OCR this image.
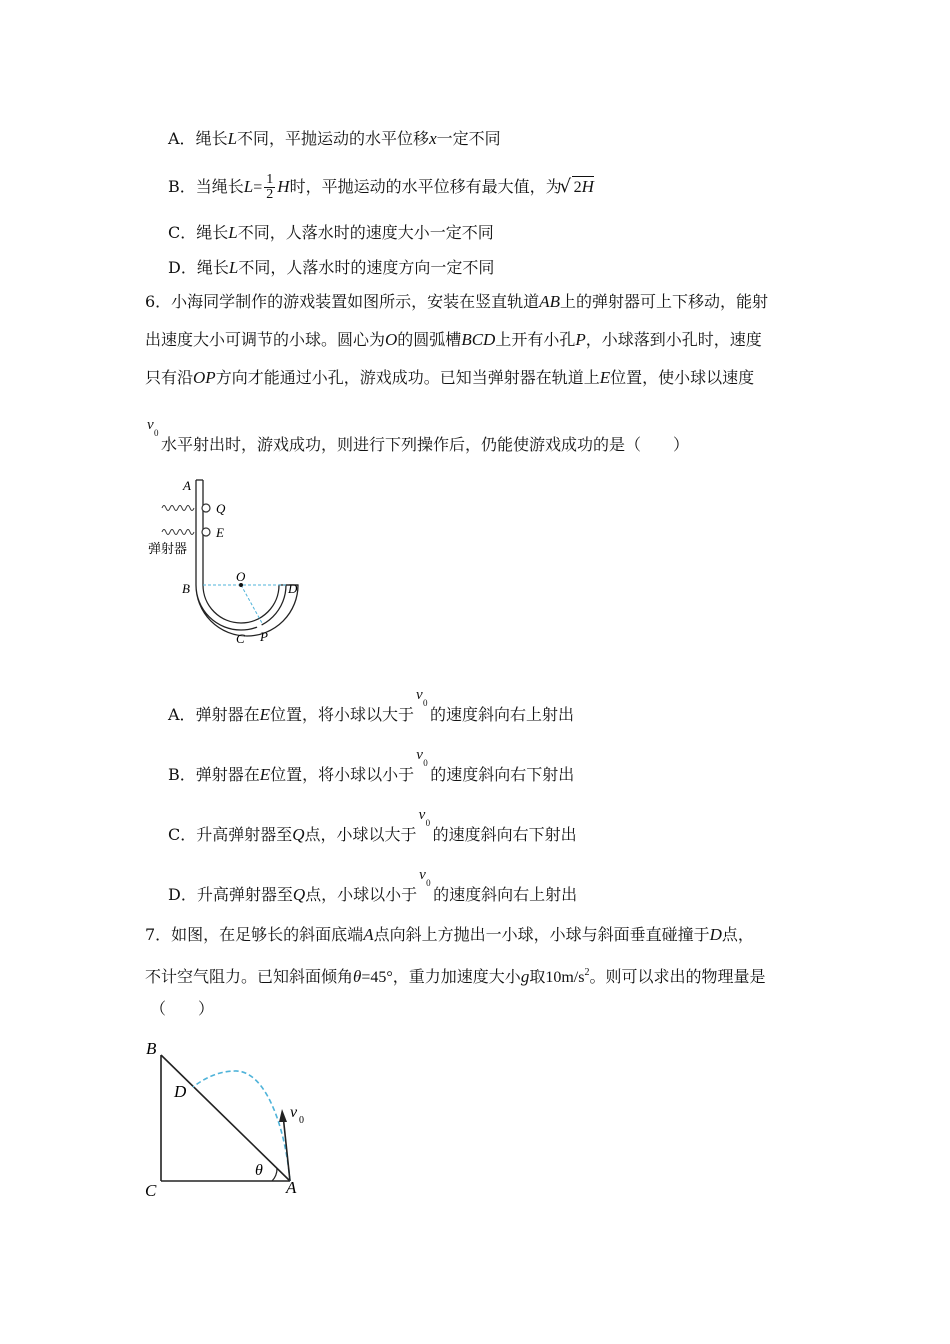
A．绳长L不同，平抛运动的水平位移x一定不同
B．当绳长$L= \frac{1}{2}$ H时，平抛运动的水平位移有最大值，为√ 2H
C．绳长L不同，人落水时的速度大小一定不同
D．绳长L不同，人落水时的速度方向一定不同
6．小海同学制作的游戏装置如图所示，安装在竖直轨道AB上的弹射器可上下移动，能射
出速度大小可调节的小球。圆心为O的圆弧槽BCD上开有小孔P，小球落到小孔时，速度
只有沿OP方向才能通过小孔，游戏成功。已知当弹射器在轨道上E位置，使小球以速度
v 0
水平射出时，游戏成功，则进行下列操作后，仍能使游戏成功的是（　　）
A
Q
E
弹射器
B
O
D
C P
A．弹射器在E位置，将小球以大于
v 0
的速度斜向右上射出
B．弹射器在E位置，将小球以小于
v 0
的速度斜向右下射出
C．升高弹射器至Q点，小球以大于
v 0
的速度斜向右下射出
D．升高弹射器至Q点，小球以小于
v 0
的速度斜向右上射出
7．如图，在足够长的斜面底端A点向斜上方抛出一小球，小球与斜面垂直碰撞于D点，
不计空气阻力。已知斜面倾角θ=45°，重力加速度大小g取$10m/s^2$。则可以求出的物理量是
（　　）
B
D
C	A
θ
v 0
